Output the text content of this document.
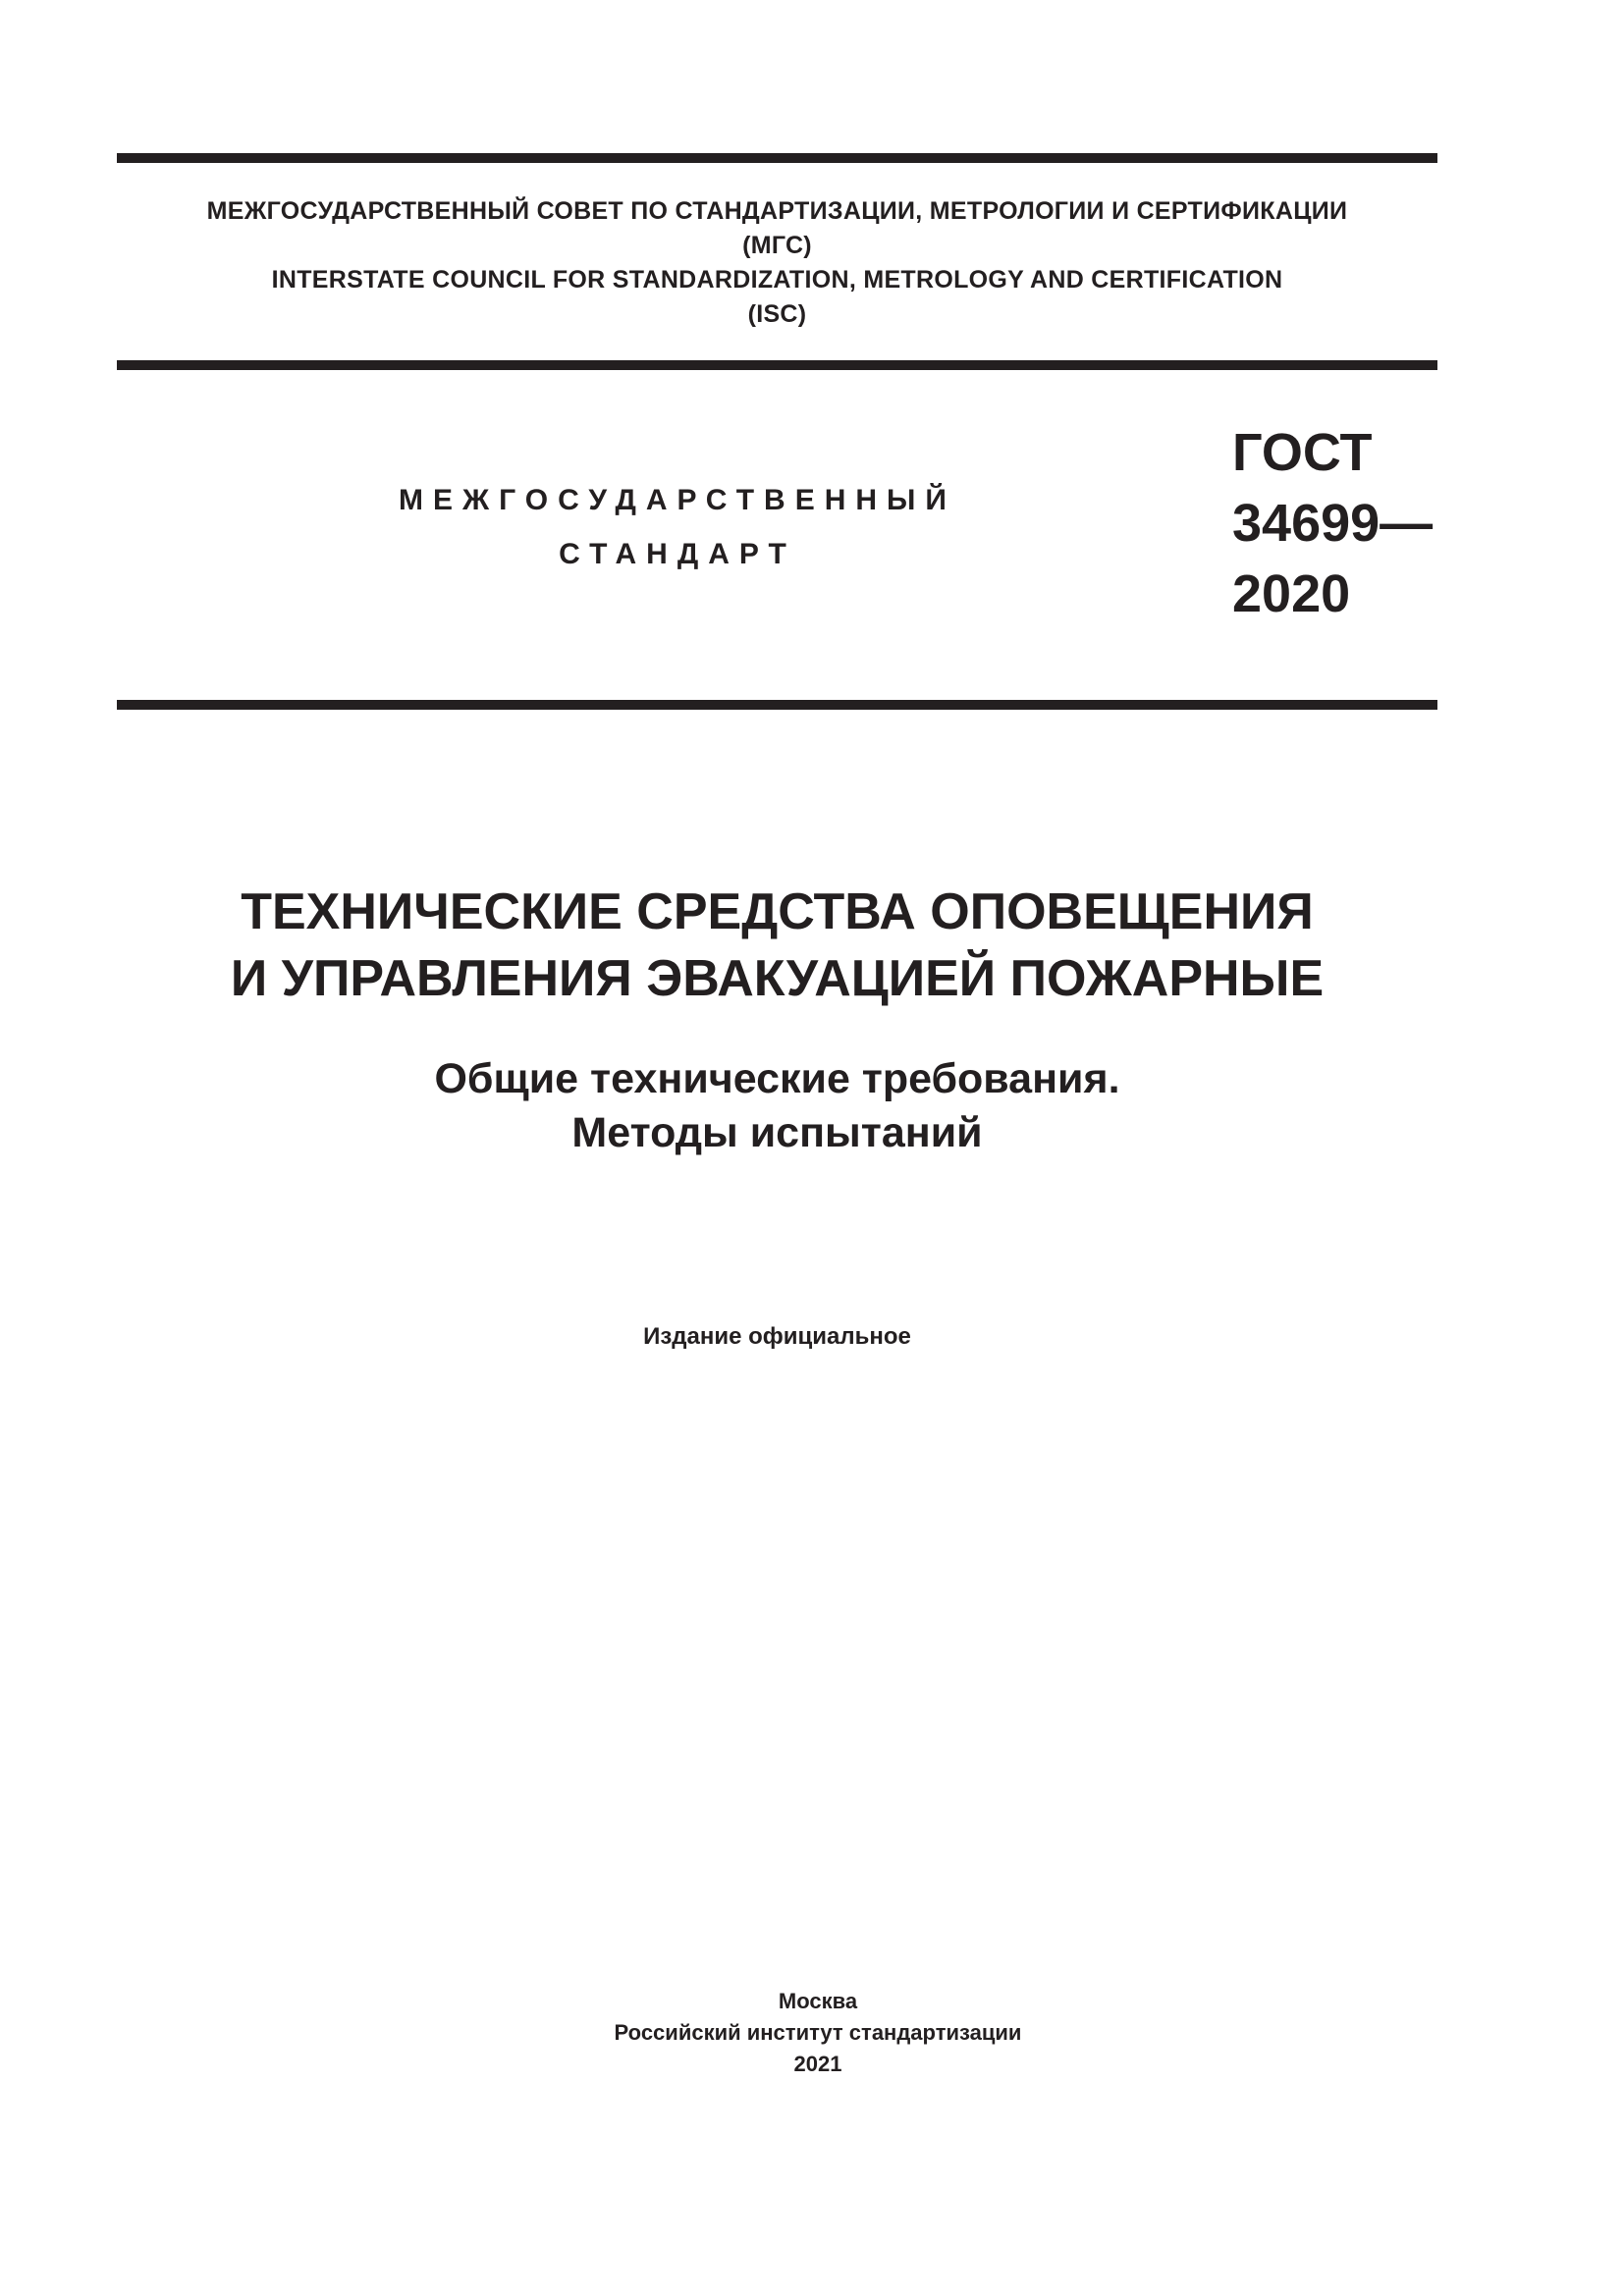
МЕЖГОСУДАРСТВЕННЫЙ СОВЕТ ПО СТАНДАРТИЗАЦИИ, МЕТРОЛОГИИ И СЕРТИФИКАЦИИ
(МГС)
INTERSTATE COUNCIL FOR STANDARDIZATION, METROLOGY AND CERTIFICATION
(ISC)
МЕЖГОСУДАРСТВЕННЫЙ
СТАНДАРТ
ГОСТ
34699—
2020
ТЕХНИЧЕСКИЕ СРЕДСТВА ОПОВЕЩЕНИЯ
И УПРАВЛЕНИЯ ЭВАКУАЦИЕЙ ПОЖАРНЫЕ
Общие технические требования.
Методы испытаний
Издание официальное
Москва
Российский институт стандартизации
2021
